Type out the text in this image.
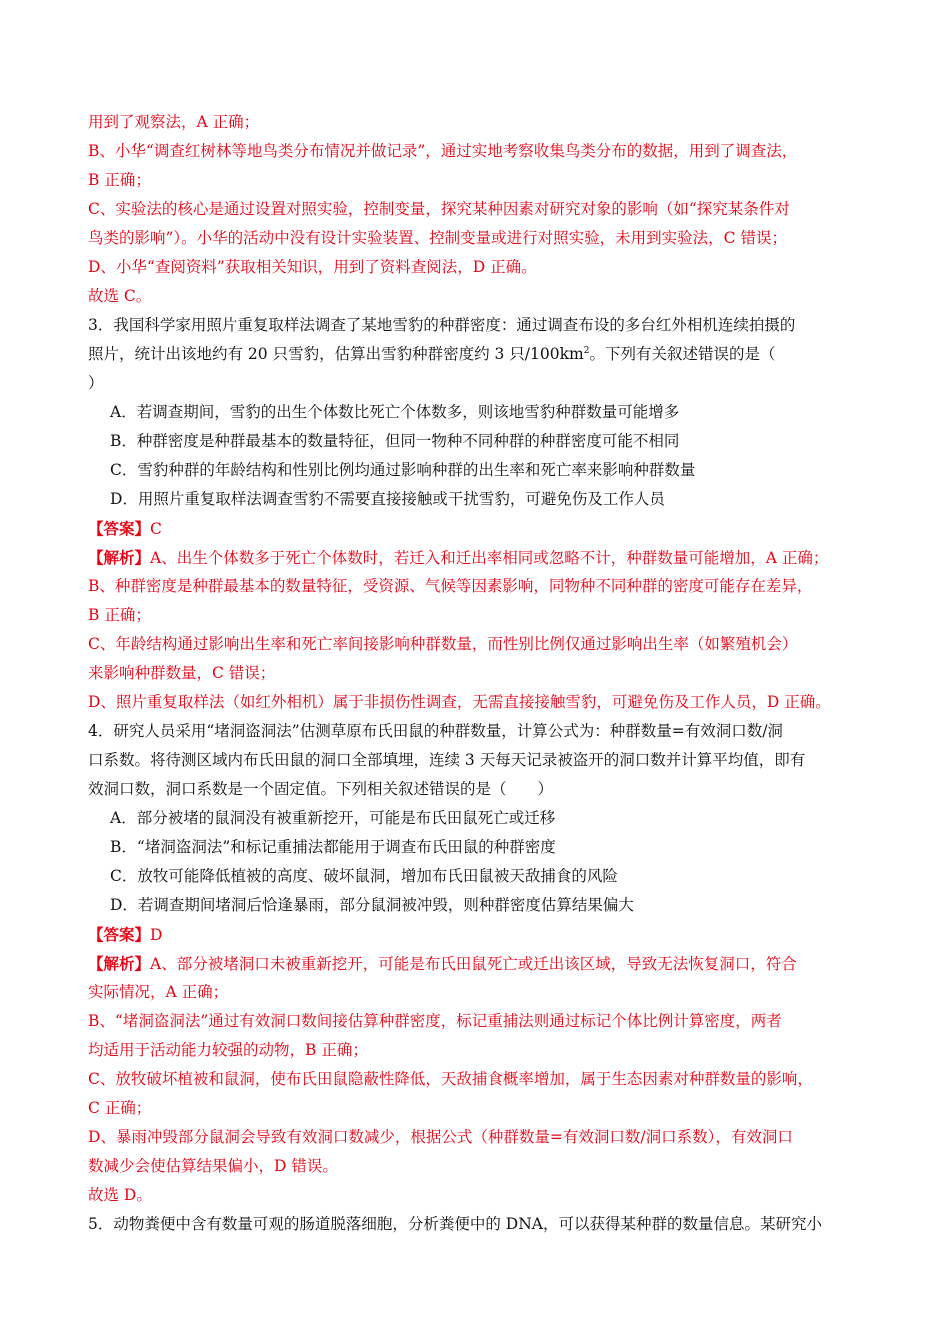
用到了观察法，A 正确；
B、小华“调查红树林等地鸟类分布情况并做记录”，通过实地考察收集鸟类分布的数据，用到了调查法，
B 正确；
C、实验法的核心是通过设置对照实验，控制变量，探究某种因素对研究对象的影响（如“探究某条件对
鸟类的影响”）。小华的活动中没有设计实验装置、控制变量或进行对照实验，未用到实验法，C 错误；
D、小华“查阅资料”获取相关知识，用到了资料查阅法，D 正确。
故选 C。
3．我国科学家用照片重复取样法调查了某地雪豹的种群密度：通过调查布设的多台红外相机连续拍摄的
照片，统计出该地约有 20 只雪豹，估算出雪豹种群密度约 3 只$/100km^2$。下列有关叙述错误的是（
）
A．若调查期间，雪豹的出生个体数比死亡个体数多，则该地雪豹种群数量可能增多
B．种群密度是种群最基本的数量特征，但同一物种不同种群的种群密度可能不相同
C．雪豹种群的年龄结构和性别比例均通过影响种群的出生率和死亡率来影响种群数量
D．用照片重复取样法调查雪豹不需要直接接触或干扰雪豹，可避免伤及工作人员
【答案】C
【解析】A、出生个体数多于死亡个体数时，若迁入和迁出率相同或忽略不计，种群数量可能增加，A 正确；
B、种群密度是种群最基本的数量特征，受资源、气候等因素影响，同物种不同种群的密度可能存在差异，
B 正确；
C、年龄结构通过影响出生率和死亡率间接影响种群数量，而性别比例仅通过影响出生率（如繁殖机会）
来影响种群数量，C 错误；
D、照片重复取样法（如红外相机）属于非损伤性调查，无需直接接触雪豹，可避免伤及工作人员，D 正确。
4．研究人员采用“堵洞盗洞法”估测草原布氏田鼠的种群数量，计算公式为：种群数量=有效洞口数/洞
口系数。将待测区域内布氏田鼠的洞口全部填埋，连续 3 天每天记录被盗开的洞口数并计算平均值，即有
效洞口数，洞口系数是一个固定值。下列相关叙述错误的是（　　）
A．部分被堵的鼠洞没有被重新挖开，可能是布氏田鼠死亡或迁移
B．“堵洞盗洞法”和标记重捕法都能用于调查布氏田鼠的种群密度
C．放牧可能降低植被的高度、破坏鼠洞，增加布氏田鼠被天敌捕食的风险
D．若调查期间堵洞后恰逢暴雨，部分鼠洞被冲毁，则种群密度估算结果偏大
【答案】D
【解析】A、部分被堵洞口未被重新挖开，可能是布氏田鼠死亡或迁出该区域，导致无法恢复洞口，符合
实际情况，A 正确；
B、“堵洞盗洞法”通过有效洞口数间接估算种群密度，标记重捕法则通过标记个体比例计算密度，两者
均适用于活动能力较强的动物，B 正确；
C、放牧破坏植被和鼠洞，使布氏田鼠隐蔽性降低，天敌捕食概率增加，属于生态因素对种群数量的影响，
C 正确；
D、暴雨冲毁部分鼠洞会导致有效洞口数减少，根据公式（种群数量=有效洞口数/洞口系数），有效洞口
数减少会使估算结果偏小，D 错误。
故选 D。
5．动物粪便中含有数量可观的肠道脱落细胞，分析粪便中的 DNA，可以获得某种群的数量信息。某研究小
